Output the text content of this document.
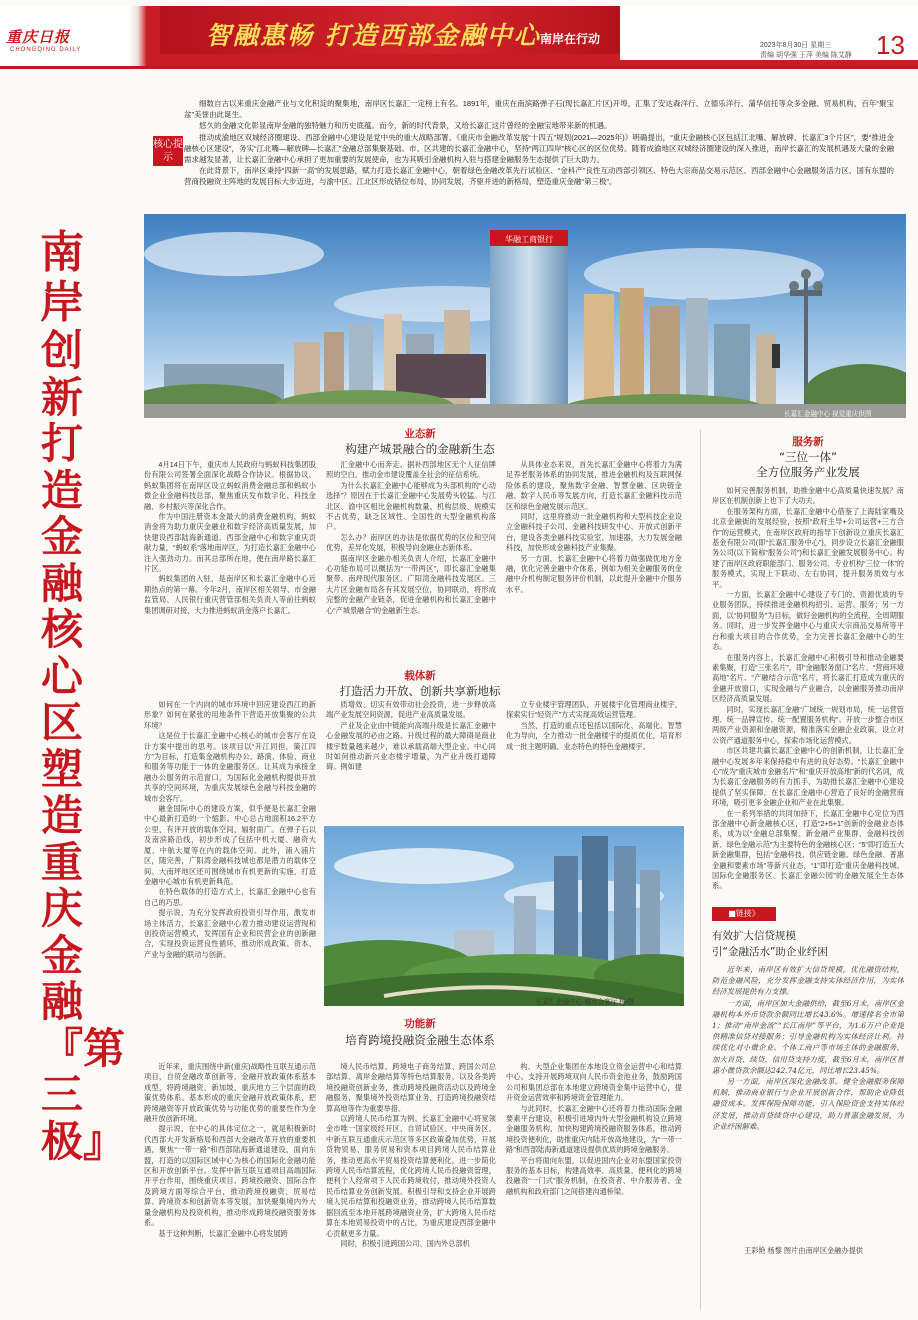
重庆日报
CHONGQING DAILY	智融惠畅 打造西部金融中心 南岸在行动	2023年8月30日 星期三
责编 胡华强 王萍 美编 陈艾静 13
南岸
创新打造金融核心区 塑造重庆金融『第三极』
核心提示

细数自古以来重庆金融产业与文化积淀的聚集地，南岸区长嘉汇一定榜上有名。1891年，重庆在南滨路弹子石(现长嘉汇片区)开埠，汇集了安达森洋行、立德乐洋行、蒲华信托等众多金融、贸易机构，百年“聚宝盆”美誉由此诞生。

悠久的金融文化彰显南岸金融的独特魅力和历史底蕴。而今，新的时代背景，又给长嘉汇这片曾经的金融宝地带来新的机遇。

推动成渝地区双城经济圈建设、西部金融中心建设是党中央的重大战略部署。《重庆市金融改革发展“十四五”规划(2021—2025年)》明确提出，“重庆金融核心区包括江北嘴、解放碑、长嘉汇3个片区”，要“推进金融核心区建设”，务实“江北嘴—解放碑—长嘉汇”金融总部集聚基础。市、区共建的长嘉汇金融中心，坚持“两江四岸”核心区的区位优势。随着成渝地区双城经济圈建设的深入推进，南岸长嘉汇的发展机遇及大量的金融需求越发显著，让长嘉汇金融中心承担了更加重要的发展使命，也为其吸引金融机构入驻与搭建金融服务生态提供了巨大助力。

在此背景下，南岸区秉持“四新一高”的发展思路，赋力打造长嘉汇金融中心，朝着绿色金融改革先行试验区、“金科产”良性互动西部引领区、特色大宗商品交易示范区、西部金融中心金融服务活力区、国有东盟的营商投融资主阵地的发展目标大步迈进，与渝中区、江北区形成错位布局、协同发展，齐驱并进的新格局，塑造重庆金融“第三极”。

华融工商银行
长嘉汇金融中心 视觉重庆供图
业态新
构建产城景融合的金融新生态

4月14日下午，重庆市人民政府与蚂蚁科技集团股份有限公司签署全面深化战略合作协议。根据协议，蚂蚁集团将在南岸区设立蚂蚁消费金融总部和蚂蚁小微企业金融科技总部，聚焦重庆发布数字化、科技金融、乡村振兴等深化合作。

作为中国注册资本金最大的消费金融机构，蚂蚁消金将为助力重庆金融业和数字经济高质量发展，加快建设西部陆海新通道、西部金融中心和数字重庆贡献力量，“蚂蚁系”落地南岸区，为打造长嘉汇金融中心注入强劲动力。而其总部所在地，便在南岸路长嘉汇片区。

蚂蚁集团的入驻，是南岸区和长嘉汇金融中心近期热点的第一幕。今年2月，南岸区相关领导、市金融监管局、人民银行重庆营管部相关负责人等前往蚂蚁集团调研对接，大力推进蚂蚁消金落户长嘉汇。

汇金融中心而奔走。据补西部地区无个人征信牌照的空白，推动金市建设覆盖全社会的征信系统。

为什么长嘉汇金融中心能够成为头部机构的“心动选择”？原因在于长嘉汇金融中心发展势头较猛。与江北区、渝中区相比金融机构数量、机构层级、规模实不占优势，缺乏区域性、全国性的大型金融机构落户。

怎么办？南岸区的办法是依据优势的区位和空间优势，差异化发展，积极导向金融业态新体系。

据南岸区金融办相关负责人介绍，长嘉汇金融中心功能布局可以概括为“一带两区”，即长嘉汇金融集聚带、南坪现代服务区、广阳湾金融科技发展区。三大片区金融布局各有其发展空位，协同联动，将形成完整的金融产业链条，促进金融机构和长嘉汇金融中心“产城景融合”的金融新生态。

从具体业态来说，首先长嘉汇金融中心将着力为满足养老服务体系的协同发展，推进金融机构及互联网保险体系的建设，聚焦数字金融、智慧金融、区块链金融、数字人民币等发展方向，打造长嘉汇金融科技示范区和绿色金融发展示范区。

同时，这里将推动一批金融机构和大型科技企业设立金融科技子公司、金融科技研发中心、开放式创新平台，建设各类金融科技实验室、加速器，大力发展金融科技，加快形成金融科技产业集聚。

另一方面，长嘉汇金融中心将着力做强做优地方金融，优化完善金融中介体系，例如为相关金融服务的金融中介机构制定服务评价机制，以此提升金融中介服务水平。

载体新
打造活力开放、创新共享新地标

如何在一个内向的城市环境中回应建设西江的新形象？如何在紧张的用地条件下营造开放集聚的公共环境？

这是位于长嘉汇金融中心核心的城市会客厅在设计方案中提出的思考。该项目以“开江同担，策江四方”为目标，打造集金融机构办公、路演、体验、商业和服务等功能于一体的金融服务区。让其成为承接金融办公服务的示范窗口，为国际化金融机构提供开放共享的空间环境，为重庆发展绿色金融与科技金融的城市会客厅。

融金国际中心的建设方案，似乎便是长嘉汇金融中心最新打造的一个缩影。中心总占地面积16.2平方公里，有评开放的载体空间，辐射面广。在弹子石以及南滨路沿线，初步形成了包括中机大厦、融资大厦、中航大厦等在内的载体空间。此外，浦入浦片区，随完善，广阳湾金融科技城也都是潜力的载体空间。大南坪地区还可围绕城市有机更新的实施，打造金融中心城市有机更新典范。

在特色载体的打造方式上，长嘉汇金融中心也有自己的巧思。

提示说，为充分发挥政府投资引导作用，激发市场主体活力，长嘉汇金融中心着力推动建设运营现和创投资运营模式，发挥国有企业和民营企业的创新融合，实现投资运营良性循环，推动形成政策、资本、产业与金融的联动与创新。

质增效、切实有效带动社会投资，进一步释放高端产业发展空间资源，促进产业高质量发展。

产业及企业由中链能向高端升级是长嘉汇金融中心金融发展的必由之路。升级过程的最大障碍是商业楼宇数量越来越少，难以承载高端大型企业。中心同时如何推动新兴业态楼宇增量，为产业升级打通障碍。例如建

立专业楼宇管理团队，开展楼宇化管理商业楼宇，探索实行“轻资产”方式实现高效运营管理。

当然，打造的重点还包括以国际化、高端化、智慧化为导向，全力推动一批金融楼宇的提质优化，培育形成一批主题明确、业态特色的特色金融楼宇。

长嘉汇金融中心·城市会客厅 杨/摄
服务新
“三位一体”
全方位服务产业发展

如何完善服务机制，助推金融中心高质量快速发展？南岸区在机制创新上也下了大功夫。

在服务架构方面，长嘉汇金融中心借鉴了上海陆家嘴及北京金融街的发展经验，按照“政府主导+公司运营+三方合作”的运营模式，在南岸区政府的指导下创新设立重庆长嘉汇基金有限公司(即“长嘉汇服务中心”)，同步设立长嘉汇金融服务公司(以下简称“服务公司”)和长嘉汇金融发展服务中心。构建了南岸区政府职能部门、服务公司、专业机构“三位一体”的服务模式，实现上下联动、左右协同，提升服务质效与水平。

一方面，长嘉汇金融中心建设了专门的、资源优质的专业服务团队，持续推进金融机构招引、运营、服务；另一方面，以“协同服务”为目标，做好金融机构的全流程、全周期服务。同时，进一步发挥金融中心与重庆大宗商品交易所等平台和重大项目的合作优势，全力完善长嘉汇金融中心的生态。

在服务内容上，长嘉汇金融中心积极引导和推动金融要素集聚，打造“三张名片”，即“金融服务窗口”名片、“营商环境高地”名片、“产融结合示范”名片，将长嘉汇打造成为重庆的金融开放窗口，实现金融与产业融合，以金融服务推动南岸区经济高质量发展。

同时，实现长嘉汇金融“广域统一规划市局，统一运营管理、统一品牌宣传、统一配置服务机构”。开放一步整合市区两级产业资源和金融资源，精准落实金融企业政策，设立对公资产通道服务中心，探索市场化运营模式。

市区共建共赢长嘉汇金融中心的创新机制，让长嘉汇金融中心发展多年来保持稳中有进的良好态势。“长嘉汇金融中心”成为“重庆城市金融名片”和“重庆开放高地”新的代名词，成为长嘉汇金融服务的有力抓手，为助推长嘉汇金融中心建设提供了坚实保障，在长嘉汇金融中心营造了良好的金融营商环境，吸引更多金融企业和产业在此集聚。

在一系列举措的共同加持下，长嘉汇金融中心定位为西部金融中心新金融核心区，打造“2+5+1”创新的金融业态体系，成为以“金融总部集聚、新金融产业集群、金融科技创新、绿色金融示范”为主要特色的金融核心区；“5”即打造五大新金融集群，包括“金融科技、供应链金融、绿色金融、普惠金融和要素市场”等新兴业态，“1”即打造“重庆金融科技城、国际化金融服务区、长嘉汇金融公园”的金融发展全生态体系。

功能新
培育跨境投融资金融生态体系

近年来，重庆围绕中新(重庆)战略性互联互通示范项目，自贸金融改革创新等，金融开放政策体系基本成型，将跨境融资、新加坡、重庆地方三个层面的政策优势体系。基本形成的重庆金融开放政策体系，把跨境融资等开放政策优势与功能优势的重要性作为金融开放创新环境。

提示说，在中心的具体定位之一，就是积极新时代西部大开发新格局和西部大金融改革开放的重要机遇，聚焦“一带一路”和西部陆海新通道建设，面向东盟，打造的以国际区域中心为核心的国际化金融功能区和开放创新平台。发挥中新互联互通项目高端国际开平台作用，围绕重庆项目、跨境投融资、国际合作及跨境方面等综合平台，推动跨境投融资、贸易结算、跨境资本和创新资本等发展，加快聚集境内外大量金融机构及投资机构，推动形成跨境投融资服务体系。

基于这种判断，长嘉汇金融中心将发展跨

境人民币结算、跨境电子商务结算、跨国公司总部结算、离岸金融结算等特色结算服务，以及各类跨境投融资创新业务，推动跨境投融资活动以及跨境金融服务，聚集境外投资结算业务，打造跨境投融资结算高地等作为重要举措。

以跨境人民币结算为例。长嘉汇金融中心将宽领金市唯一国家级经开区、自贸试验区、中央商务区、中新互联互通重庆示范区等多区政策叠加优势，开展货物贸易、服务贸易和资本项目跨境人民币结算业务，推动更高水平贸易投资结算便利化，进一步简化跨境人民币结算流程，优化跨境人民币投融资管理，便利个人经常项下人民币跨境收付，推动境外投资人民币结算业务创新发展。积极引导和支持企业开展跨境人民币结算和投融资业务，推动跨境人民币结算数据回流至本地开展跨境融资业务，扩大跨境人民币结算在本地贸易投资中的占比，为重庆建设西部金融中心贡献更多力量。

同时，积极引进跨国公司、国内外总部机

构、大型企业集团在本地设立资金运营中心和结算中心。支持开展跨境双向人民币资金池业务，鼓励跨国公司和集团总部在本地建立跨境资金集中运营中心，提升资金运营效率和跨境资金管理能力。

与此同时，长嘉汇金融中心还将着力推动国际金融要素平台建设，积极引进境内外大型金融机构设立跨境金融服务机构，加快构建跨境投融资服务体系，推动跨境投资便利化，助推重庆内陆开放高地建设，为“一带一路”和西部陆海新通道建设提供优质的跨境金融服务。

平台将面向东盟，以促进国内企业对东盟国家投资服务的基本目标，构建高效率、高质量、便利化的跨境投融资“一门式”服务机制，在投资者、中介服务者、金融机构和政府部门之间搭建沟通桥梁。

■链接》
有效扩大信贷规模
引“金融活水”助企业纾困

近年来，南岸区有效扩大信贷规模，优化融资结构，防范金融风险，充分发挥金融支持实体经济作用，为实体经济发展提供有力支撑。

一方面，南岸区加大金融供给，截至6月末，南岸区金融机构本外币贷款余额同比增长43.6%。增速排名全市第1；推动“南岸金流”“长江南岸”等平台，为1.6万户企业提供精准信贷对接服务；引导金融机构为实体经济让利。持续优化对小微企业、个体工商户等市场主体的金融服务，加大首贷、续贷、信用贷支持力度，截至6月末，南岸区普惠小微贷款余额达242.74亿元，同比增长23.45%。

另一方面，南岸区深化金融改革。健全金融服务保障机制，推动商业银行与企业开展创新合作，帮助企业降低融资成本。发挥保险保障功能，引入保险资金支持实体经济发展，推动首贷续贷中心建设，助力普惠金融发展，为企业纾困解难。

王彩艳 杨黎 图片由南岸区金融办提供
